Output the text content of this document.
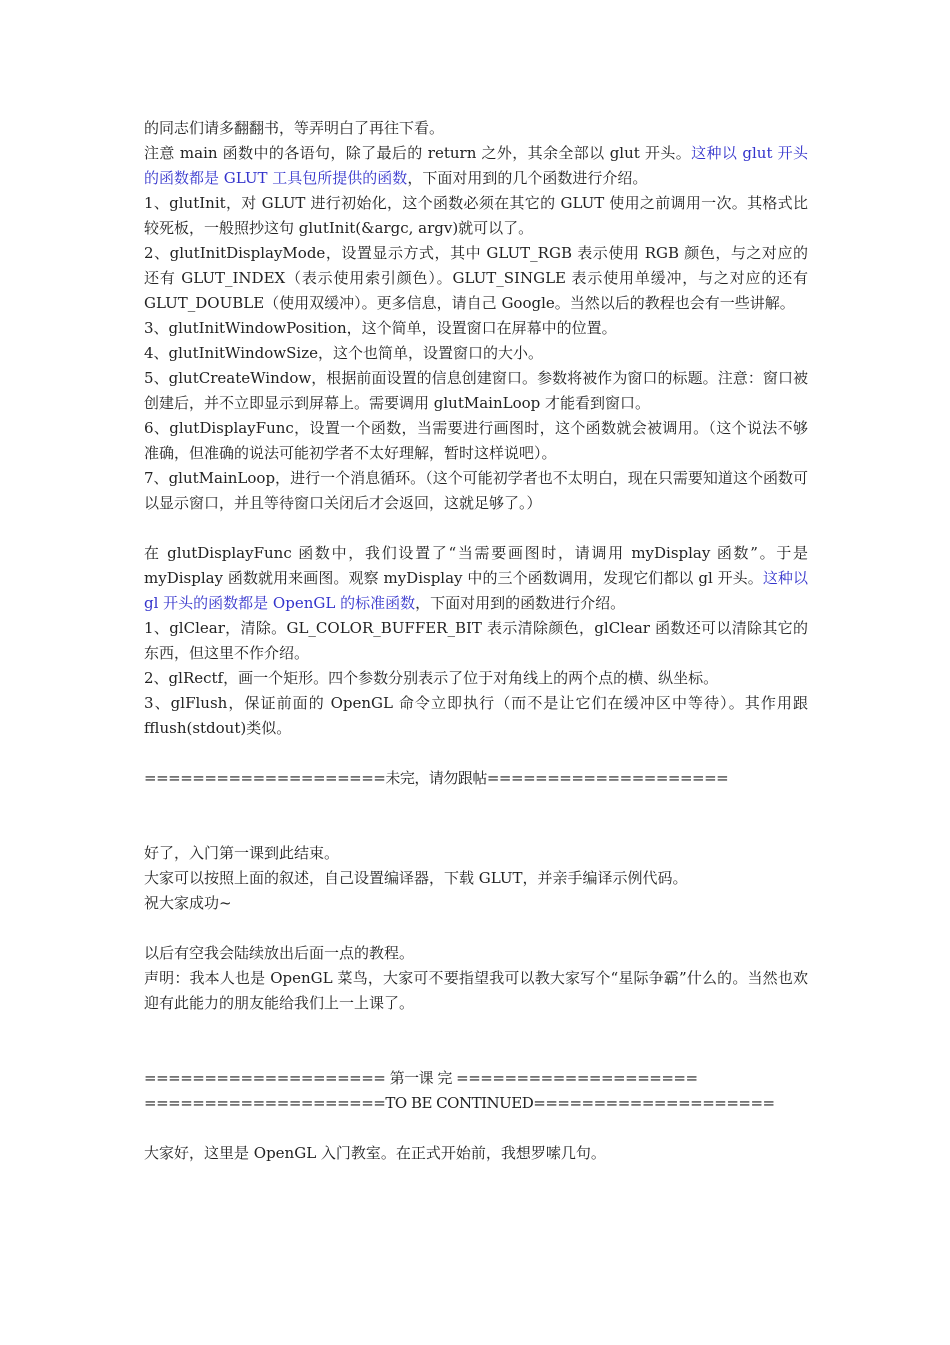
的同志们请多翻翻书，等弄明白了再往下看。

注意 main 函数中的各语句，除了最后的 return 之外，其余全部以 glut 开头。这种以 glut 开头的函数都是 GLUT 工具包所提供的函数，下面对用到的几个函数进行介绍。

1、glutInit，对 GLUT 进行初始化，这个函数必须在其它的 GLUT 使用之前调用一次。其格式比较死板，一般照抄这句 glutInit(&argc, argv)就可以了。

2、glutInitDisplayMode，设置显示方式，其中 GLUT_RGB 表示使用 RGB 颜色，与之对应的还有 GLUT_INDEX（表示使用索引颜色）。GLUT_SINGLE 表示使用单缓冲，与之对应的还有 GLUT_DOUBLE（使用双缓冲）。更多信息，请自己 Google。当然以后的教程也会有一些讲解。

3、glutInitWindowPosition，这个简单，设置窗口在屏幕中的位置。

4、glutInitWindowSize，这个也简单，设置窗口的大小。

5、glutCreateWindow，根据前面设置的信息创建窗口。参数将被作为窗口的标题。注意：窗口被创建后，并不立即显示到屏幕上。需要调用 glutMainLoop 才能看到窗口。

6、glutDisplayFunc，设置一个函数，当需要进行画图时，这个函数就会被调用。（这个说法不够准确，但准确的说法可能初学者不太好理解，暂时这样说吧）。

7、glutMainLoop，进行一个消息循环。（这个可能初学者也不太明白，现在只需要知道这个函数可以显示窗口，并且等待窗口关闭后才会返回，这就足够了。）

在 glutDisplayFunc 函数中，我们设置了“当需要画图时，请调用 myDisplay 函数”。于是 myDisplay 函数就用来画图。观察 myDisplay 中的三个函数调用，发现它们都以 gl 开头。这种以 gl 开头的函数都是 OpenGL 的标准函数，下面对用到的函数进行介绍。

1、glClear，清除。GL_COLOR_BUFFER_BIT 表示清除颜色，glClear 函数还可以清除其它的东西，但这里不作介绍。

2、glRectf，画一个矩形。四个参数分别表示了位于对角线上的两个点的横、纵坐标。

3、glFlush，保证前面的 OpenGL 命令立即执行（而不是让它们在缓冲区中等待）。其作用跟 fflush(stdout)类似。

====================未完，请勿跟帖====================

好了，入门第一课到此结束。

大家可以按照上面的叙述，自己设置编译器，下载 GLUT，并亲手编译示例代码。

祝大家成功~

以后有空我会陆续放出后面一点的教程。

声明：我本人也是 OpenGL 菜鸟，大家可不要指望我可以教大家写个“星际争霸”什么的。当然也欢迎有此能力的朋友能给我们上一上课了。

==================== 第一课 完 ====================

====================TO BE CONTINUED====================

大家好，这里是 OpenGL 入门教室。在正式开始前，我想罗嗦几句。
